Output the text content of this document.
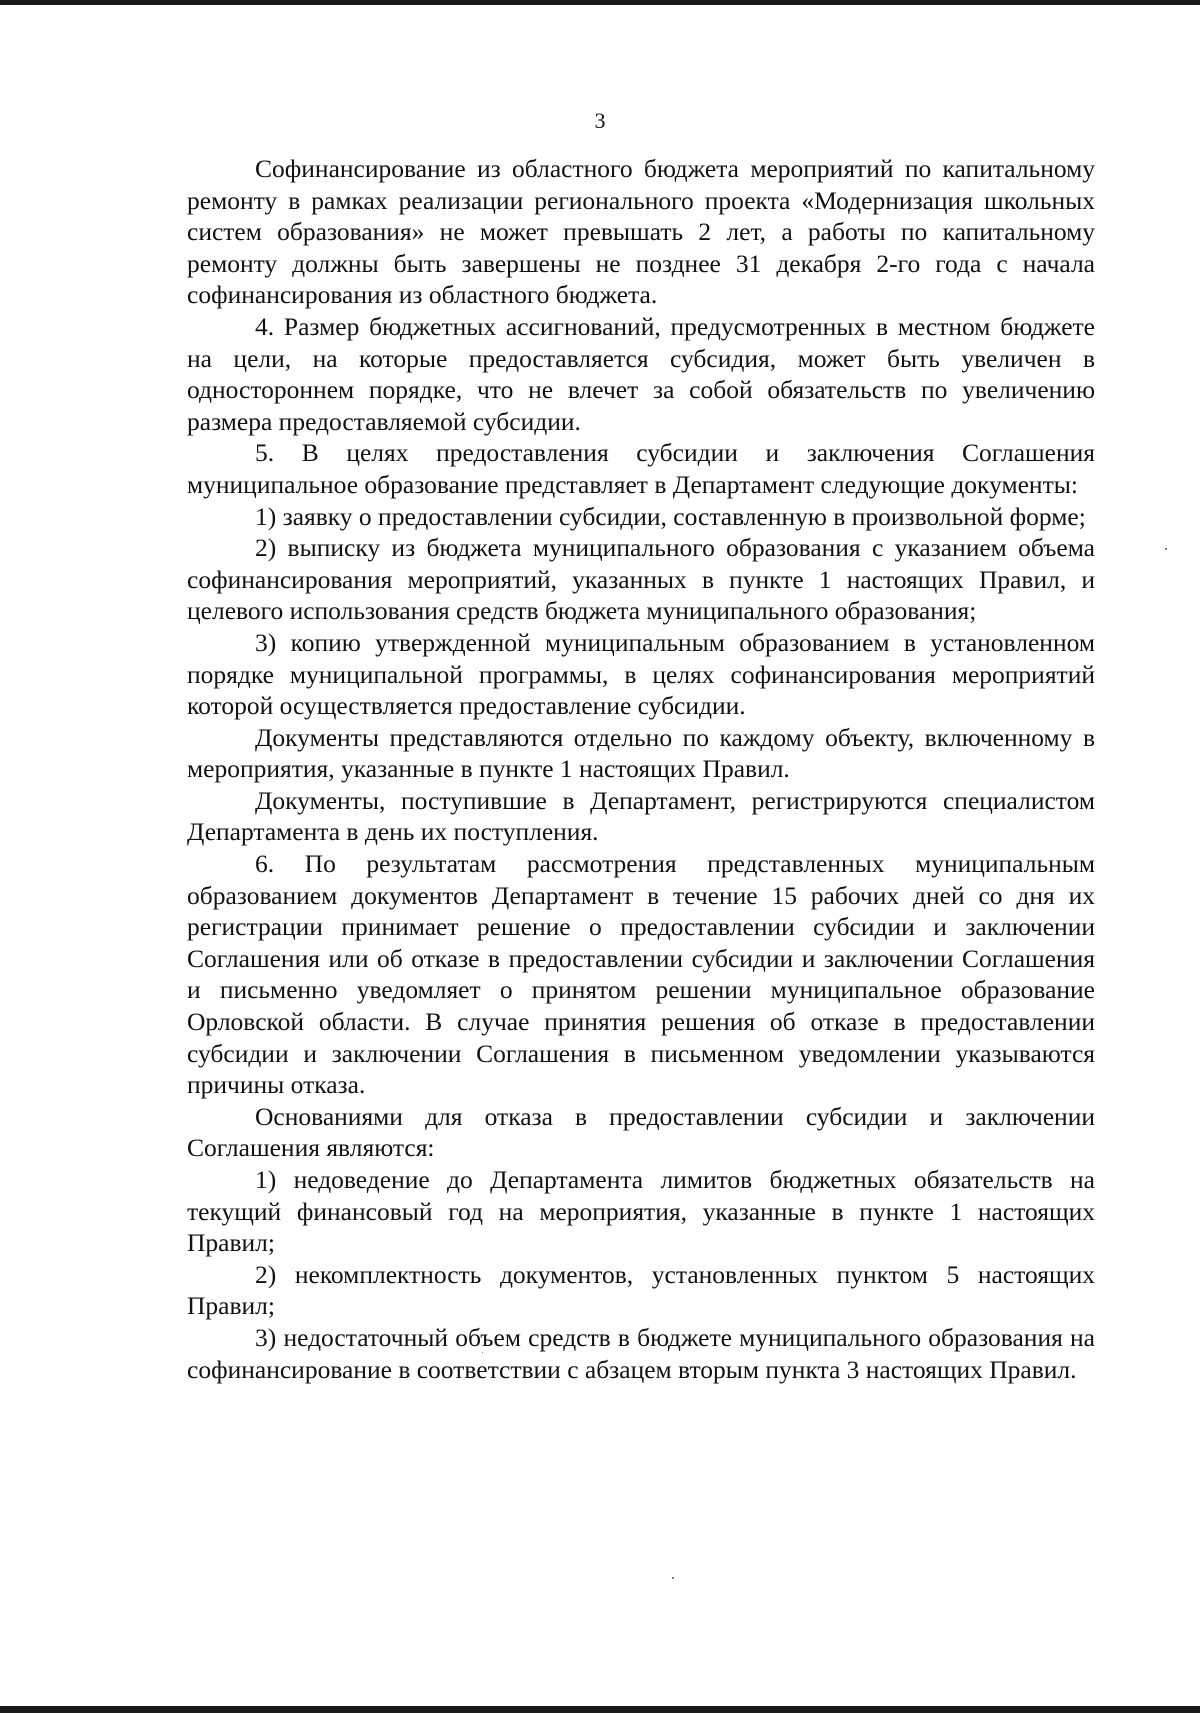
3

Софинансирование из областного бюджета мероприятий по капитальному ремонту в рамках реализации регионального проекта «Модернизация школьных систем образования» не может превышать 2 лет, а работы по капитальному ремонту должны быть завершены не позднее 31 декабря 2-го года с начала софинансирования из областного бюджета.

4. Размер бюджетных ассигнований, предусмотренных в местном бюджете на цели, на которые предоставляется субсидия, может быть увеличен в одностороннем порядке, что не влечет за собой обязательств по увеличению размера предоставляемой субсидии.

5. В целях предоставления субсидии и заключения Соглашения муниципальное образование представляет в Департамент следующие документы:

1) заявку о предоставлении субсидии, составленную в произвольной форме;

2) выписку из бюджета муниципального образования с указанием объема софинансирования мероприятий, указанных в пункте 1 настоящих Правил, и целевого использования средств бюджета муниципального образования;

3) копию утвержденной муниципальным образованием в установленном порядке муниципальной программы, в целях софинансирования мероприятий которой осуществляется предоставление субсидии.

Документы представляются отдельно по каждому объекту, включенному в мероприятия, указанные в пункте 1 настоящих Правил.

Документы, поступившие в Департамент, регистрируются специалистом Департамента в день их поступления.

6. По результатам рассмотрения представленных муниципальным образованием документов Департамент в течение 15 рабочих дней со дня их регистрации принимает решение о предоставлении субсидии и заключении Соглашения или об отказе в предоставлении субсидии и заключении Соглашения и письменно уведомляет о принятом решении муниципальное образование Орловской области. В случае принятия решения об отказе в предоставлении субсидии и заключении Соглашения в письменном уведомлении указываются причины отказа.

Основаниями для отказа в предоставлении субсидии и заключении Соглашения являются:

1) недоведение до Департамента лимитов бюджетных обязательств на текущий финансовый год на мероприятия, указанные в пункте 1 настоящих Правил;

2) некомплектность документов, установленных пунктом 5 настоящих Правил;

3) недостаточный объем средств в бюджете муниципального образования на софинансирование в соответствии с абзацем вторым пункта 3 настоящих Правил.
